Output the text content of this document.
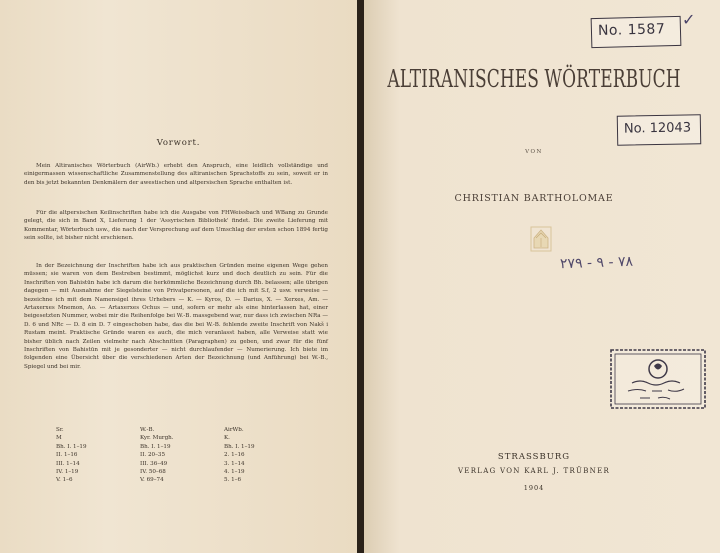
Vorwort.

Mein Altiranisches Wörterbuch (AirWb.) erhebt den Anspruch, eine leidlich vollständige und einigermassen wissenschaftliche Zusammenstellung des altiranischen Sprachstoffs zu sein, soweit er in den bis jetzt bekannten Denkmälern der awestischen und altpersischen Sprache enthalten ist.

Für die altpersischen Keilinschriften habe ich die Ausgabe von FHWeissbach und WBang zu Grunde gelegt, die sich in Band X, Lieferung 1 der 'Assyrischen Bibliothek' findet. Die zweite Lieferung mit Kommentar, Wörterbuch usw., die nach der Versprechung auf dem Umschlag der ersten schon 1894 fertig sein sollte, ist bisher nicht erschienen.

In der Bezeichnung der Inschriften habe ich aus praktischen Gründen meine eigenen Wege gehen müssen; sie waren von dem Bestreben bestimmt, möglichst kurz und doch deutlich zu sein. Für die Inschriften von Bahistūn habe ich darum die herkömmliche Bezeichnung durch Bh. belassen; alle übrigen dagegen — mit Ausnahme der Siegelsteine von Privatpersonen, auf die ich mit S.f, 2 usw. verweise — bezeichne ich mit dem Namensigel ihres Urhebers — K. — Kyros, D. — Darius, X. — Xerxes, Am. — Artaxerxes Mnemon, Ao. — Artaxerxes Ochus — und, sofern er mehr als eine hinterlassen hat, einer beigesetzten Nummer, wobei mir die Reihenfolge bei W.-B. massgebend war, nur dass ich zwischen NRa — D. 6 und NRc — D. 8 ein D. 7 eingeschoben habe, das die bei W.-B. fehlende zweite Inschrift von Nakš i Rustam meint. Praktische Gründe waren es auch, die mich veranlasst haben, alle Verweise statt wie bisher üblich nach Zeilen vielmehr nach Abschnitten (Paragraphen) zu geben, und zwar für die fünf Inschriften von Bahistūn mit je gesonderter — nicht durchlaufender — Numerierung. Ich biete im folgenden eine Übersicht über die verschiedenen Arten der Bezeichnung (und Anführung) bei W.-B., Spiegel und bei mir.

Sr.
M
Bh. I. 1–19
II. 1–16
III. 1–14
IV. 1–19
V. 1–6
W.-B.
Kyr. Murgh.
Bh. I. 1–19
II. 20–35
III. 36–49
IV. 50–68
V. 69–74
AirWb.
K.
Bh. I. 1–19
2. 1–16
3. 1–14
4. 1–19
5. 1–6
No. 1587
✓
ALTIRANISCHES WÖRTERBUCH
No. 12043
VON
CHRISTIAN BARTHOLOMAE
۲۷۹ - ۹ - ۷۸
STRASSBURG
VERLAG VON KARL J. TRÜBNER
1904
